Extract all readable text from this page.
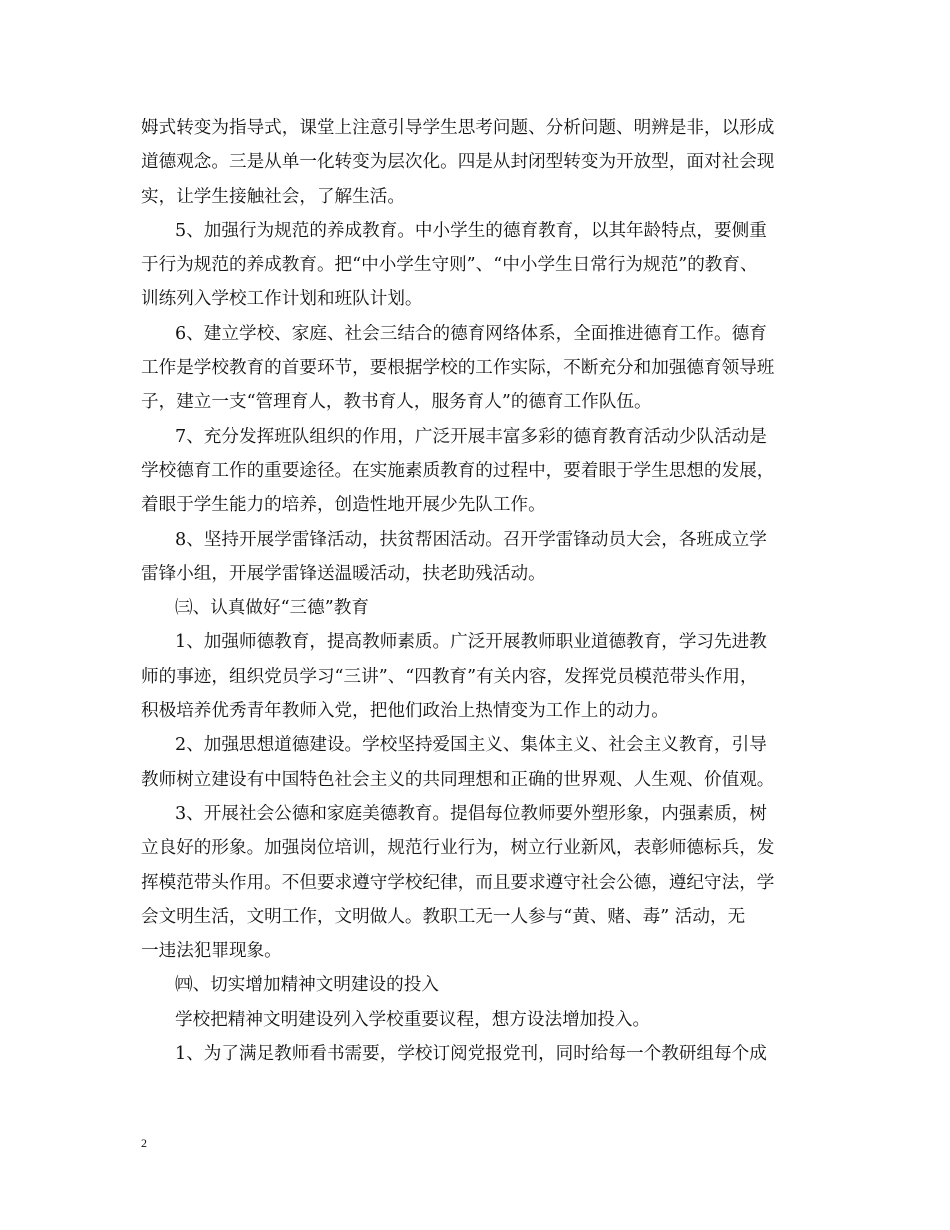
姆式转变为指导式，课堂上注意引导学生思考问题、分析问题、明辨是非，以形成
道德观念。三是从单一化转变为层次化。四是从封闭型转变为开放型，面对社会现
实，让学生接触社会，了解生活。
5、加强行为规范的养成教育。中小学生的德育教育，以其年龄特点，要侧重
于行为规范的养成教育。把“中小学生守则”、“中小学生日常行为规范”的教育、
训练列入学校工作计划和班队计划。
6、建立学校、家庭、社会三结合的德育网络体系，全面推进德育工作。德育
工作是学校教育的首要环节，要根据学校的工作实际，不断充分和加强德育领导班
子，建立一支“管理育人，教书育人，服务育人”的德育工作队伍。
7、充分发挥班队组织的作用，广泛开展丰富多彩的德育教育活动少队活动是
学校德育工作的重要途径。在实施素质教育的过程中，要着眼于学生思想的发展，
着眼于学生能力的培养，创造性地开展少先队工作。
8、坚持开展学雷锋活动，扶贫帮困活动。召开学雷锋动员大会，各班成立学
雷锋小组，开展学雷锋送温暖活动，扶老助残活动。
㈢、认真做好“三德”教育
1、加强师德教育，提高教师素质。广泛开展教师职业道德教育，学习先进教
师的事迹，组织党员学习“三讲”、“四教育”有关内容，发挥党员模范带头作用，
积极培养优秀青年教师入党，把他们政治上热情变为工作上的动力。
2、加强思想道德建设。学校坚持爱国主义、集体主义、社会主义教育，引导
教师树立建设有中国特色社会主义的共同理想和正确的世界观、人生观、价值观。
3、开展社会公德和家庭美德教育。提倡每位教师要外塑形象，内强素质，树
立良好的形象。加强岗位培训，规范行业行为，树立行业新风，表彰师德标兵，发
挥模范带头作用。不但要求遵守学校纪律，而且要求遵守社会公德，遵纪守法，学
会文明生活，文明工作，文明做人。教职工无一人参与“黄、赌、毒” 活动，无
一违法犯罪现象。
㈣、切实增加精神文明建设的投入
学校把精神文明建设列入学校重要议程，想方设法增加投入。
1、为了满足教师看书需要，学校订阅党报党刊，同时给每一个教研组每个成
2
